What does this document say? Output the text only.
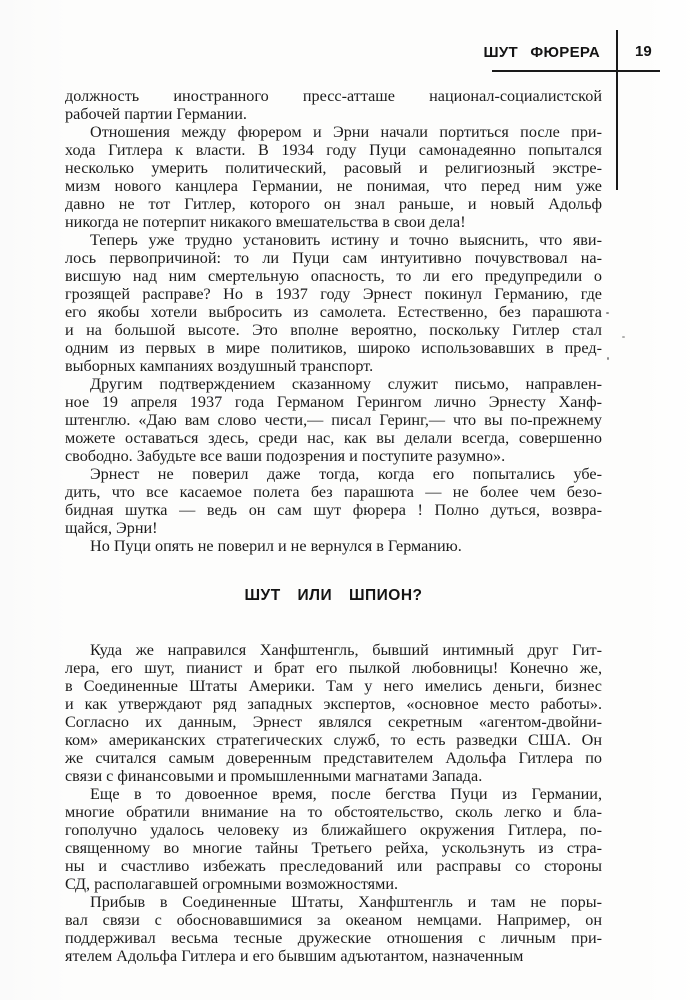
ШУТ ФЮРЕРА 19
должность иностранного пресс-атташе национал-социалистской
рабочей партии Германии.
Отношения между фюрером и Эрни начали портиться после при-
хода Гитлера к власти. В 1934 году Пуци самонадеянно попытался
несколько умерить политический, расовый и религиозный экстре-
мизм нового канцлера Германии, не понимая, что перед ним уже
давно не тот Гитлер, которого он знал раньше, и новый Адольф
никогда не потерпит никакого вмешательства в свои дела!
Теперь уже трудно установить истину и точно выяснить, что яви-
лось первопричиной: то ли Пуци сам интуитивно почувствовал на-
висшую над ним смертельную опасность, то ли его предупредили о
грозящей расправе? Но в 1937 году Эрнест покинул Германию, где
его якобы хотели выбросить из самолета. Естественно, без парашюта
и на большой высоте. Это вполне вероятно, поскольку Гитлер стал
одним из первых в мире политиков, широко использовавших в пред-
выборных кампаниях воздушный транспорт.
Другим подтверждением сказанному служит письмо, направлен-
ное 19 апреля 1937 года Германом Герингом лично Эрнесту Ханф-
штенглю. «Даю вам слово чести,— писал Геринг,— что вы по-прежнему
можете оставаться здесь, среди нас, как вы делали всегда, совершенно
свободно. Забудьте все ваши подозрения и поступите разумно».
Эрнест не поверил даже тогда, когда его попытались убе-
дить, что все касаемое полета без парашюта — не более чем безо-
бидная шутка — ведь он сам шут фюрера ! Полно дуться, возвра-
щайся, Эрни!
Но Пуци опять не поверил и не вернулся в Германию.
ШУТ ИЛИ ШПИОН?
Куда же направился Ханфштенгль, бывший интимный друг Гит-
лера, его шут, пианист и брат его пылкой любовницы! Конечно же,
в Соединенные Штаты Америки. Там у него имелись деньги, бизнес
и как утверждают ряд западных экспертов, «основное место работы».
Согласно их данным, Эрнест являлся секретным «агентом-двойни-
ком» американских стратегических служб, то есть разведки США. Он
же считался самым доверенным представителем Адольфа Гитлера по
связи с финансовыми и промышленными магнатами Запада.
Еще в то довоенное время, после бегства Пуци из Германии,
многие обратили внимание на то обстоятельство, сколь легко и бла-
гополучно удалось человеку из ближайшего окружения Гитлера, по-
священному во многие тайны Третьего рейха, ускользнуть из стра-
ны и счастливо избежать преследований или расправы со стороны
СД, располагавшей огромными возможностями.
Прибыв в Соединенные Штаты, Ханфштенгль и там не поры-
вал связи с обосновавшимися за океаном немцами. Например, он
поддерживал весьма тесные дружеские отношения с личным при-
ятелем Адольфа Гитлера и его бывшим адъютантом, назначенным
